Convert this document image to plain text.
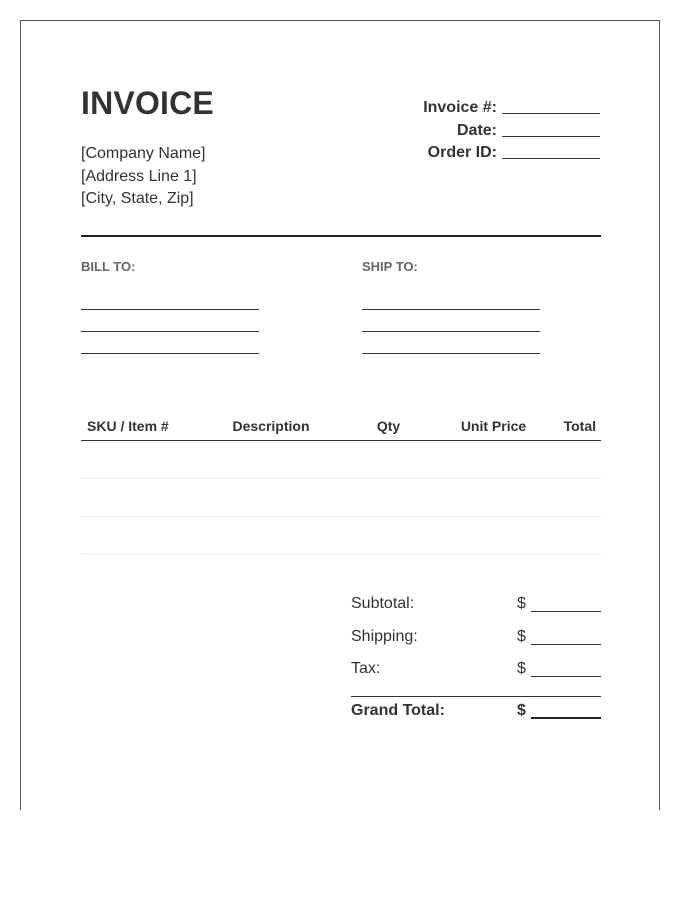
INVOICE
[Company Name]
[Address Line 1]
[City, State, Zip]
Invoice #:
Date:
Order ID:
BILL TO:	SHIP TO:
SKU / Item #	Description	Qty	Unit Price	Total
Subtotal:	$
Shipping:	$
Tax:	$
Grand Total:	$
